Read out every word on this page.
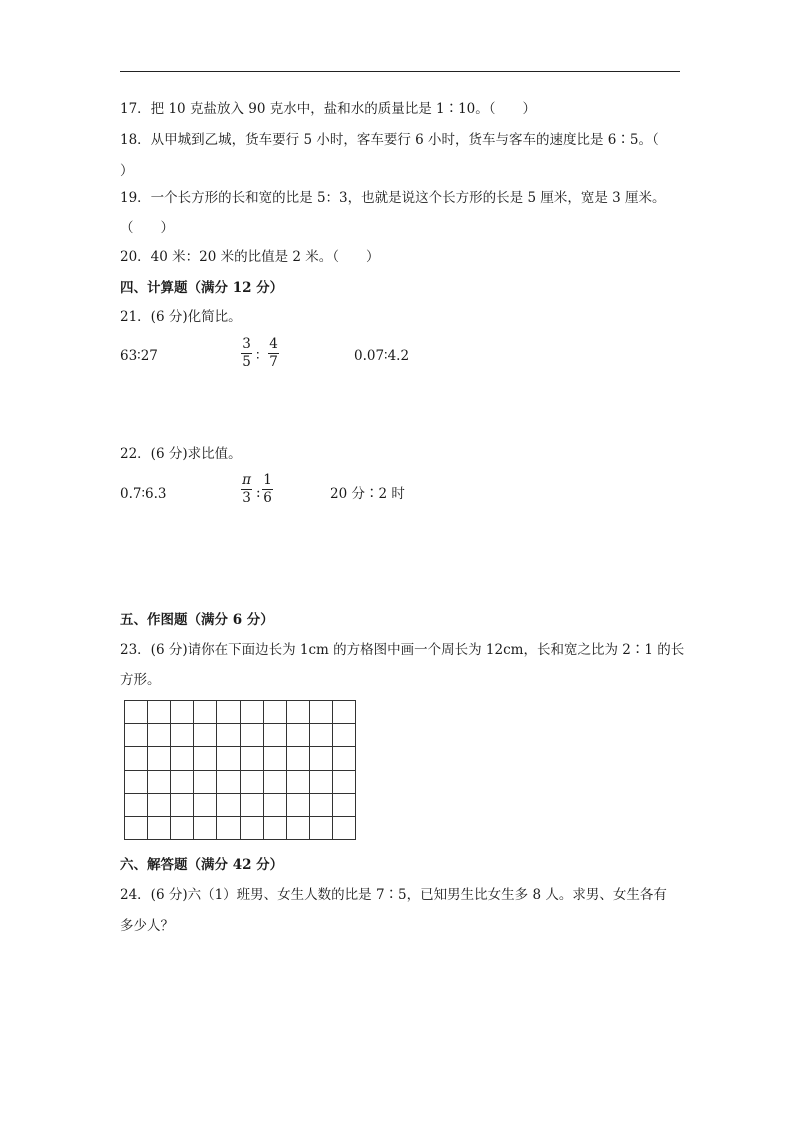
17．把 10 克盐放入 90 克水中，盐和水的质量比是 1∶10。（　　）
18．从甲城到乙城，货车要行 5 小时，客车要行 6 小时，货车与客车的速度比是 6∶5。（
）
19．一个长方形的长和宽的比是 5：3，也就是说这个长方形的长是 5 厘米，宽是 3 厘米。
（　　）
20．40 米：20 米的比值是 2 米。（　　）
四、计算题（满分 12 分）
21．(6 分)化简比。
63∶27
3
5 ∶
4
7	0.07∶4.2
22．(6 分)求比值。
0.7∶6.3
π
3 :
1
6	20 分∶2 时
五、作图题（满分 6 分）
23．(6 分)请你在下面边长为 1cm 的方格图中画一个周长为 12cm，长和宽之比为 2∶1 的长
方形。
六、解答题（满分 42 分）
24．(6 分)六（1）班男、女生人数的比是 7∶5，已知男生比女生多 8 人。求男、女生各有
多少人？
